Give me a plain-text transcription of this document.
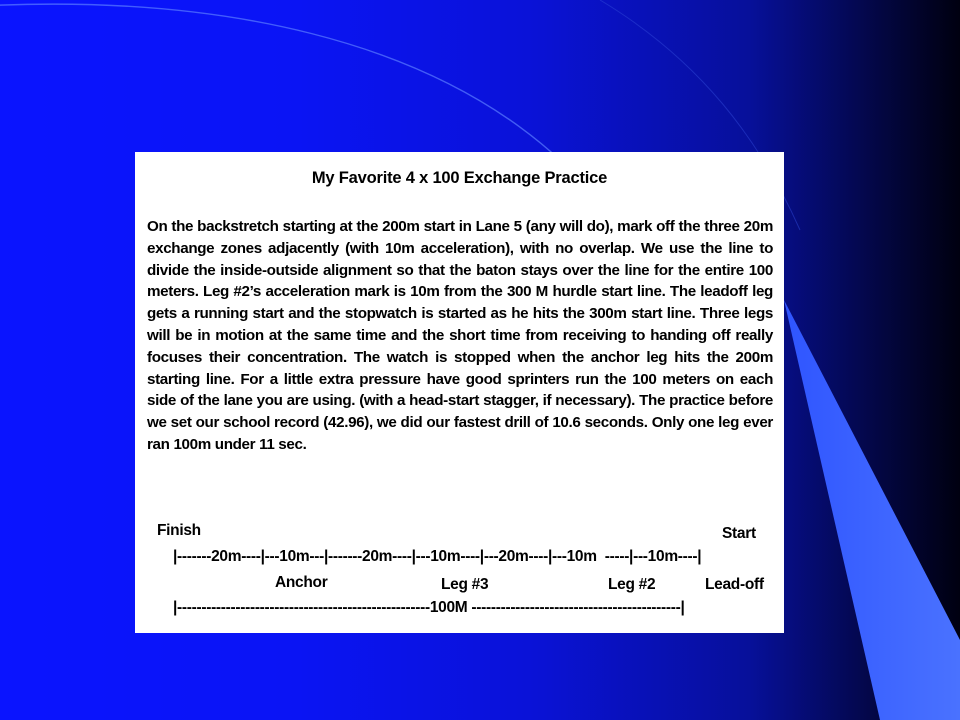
My Favorite 4 x 100 Exchange Practice
On the backstretch starting at the 200m start in Lane 5 (any will do), mark off the three 20m exchange zones adjacently (with 10m acceleration), with no overlap. We use the line to divide the inside-outside alignment so that the baton stays over the line for the entire 100 meters. Leg #2’s acceleration mark is 10m from the 300 M hurdle start line. The leadoff leg gets a running start and the stopwatch is started as he hits the 300m start line. Three legs will be in motion at the same time and the short time from receiving to handing off really focuses their concentration. The watch is stopped when the anchor leg hits the 200m starting line. For a little extra pressure have good sprinters run the 100 meters on each side of the lane you are using. (with a head-start stagger, if necessary). The practice before we set our school record (42.96), we did our fastest drill of 10.6 seconds. Only one leg ever ran 100m under 11 sec.
Finish	Start
|-------20m----|---10m---|-------20m----|---10m----|---20m----|---10m  -----|---10m----|
Anchor	Leg #3	Leg #2	Lead-off
|----------------------------------------------------100M -------------------------------------------|
